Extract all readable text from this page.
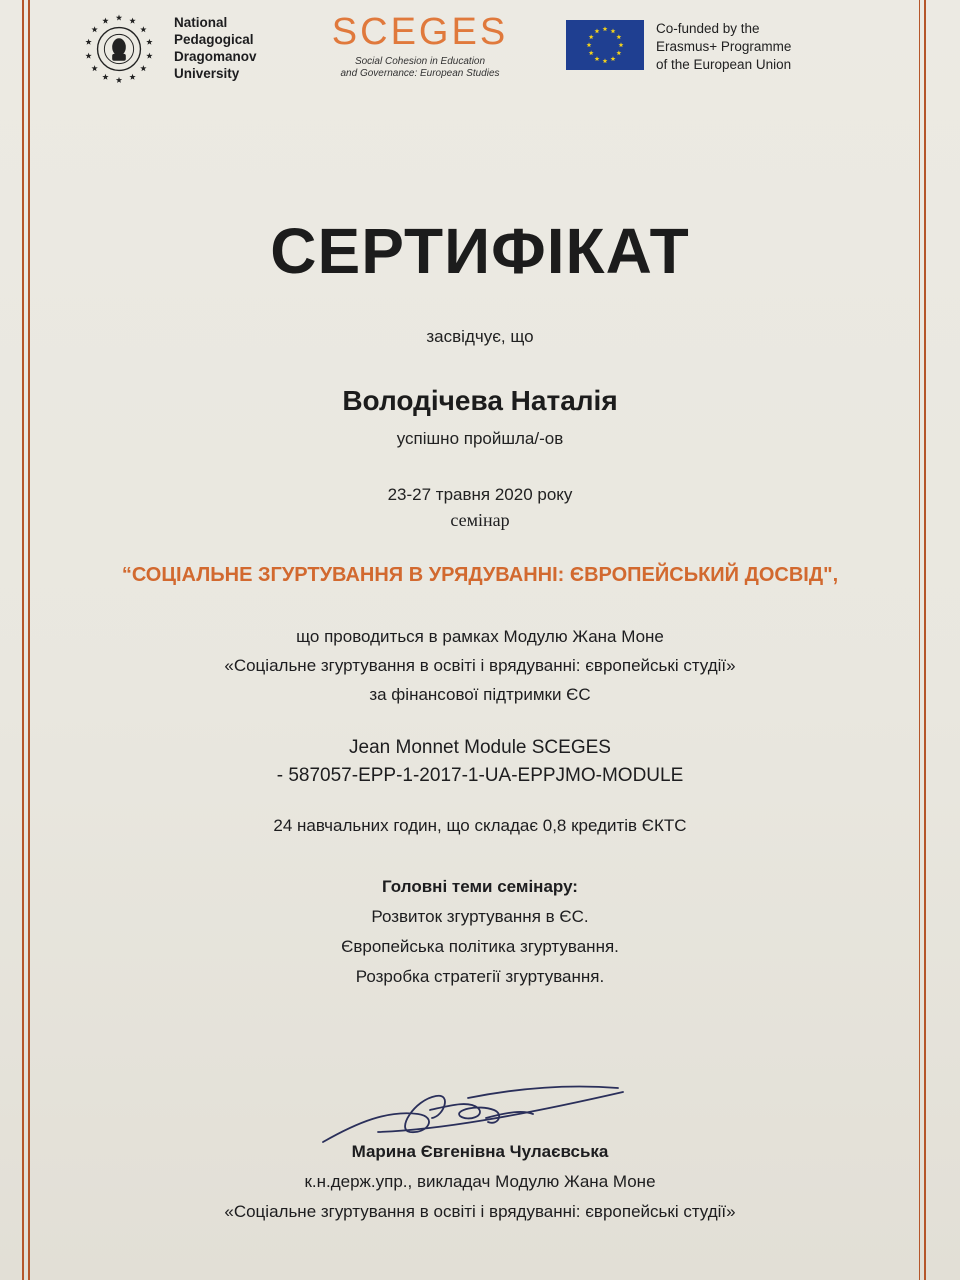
National
Pedagogical
Dragomanov
University
SCEGES
Social Cohesion in Education
and Governance: European Studies
Co-funded by the
Erasmus+ Programme
of the European Union
СЕРТИФІКАТ
засвідчує, що
Володічева Наталія
успішно пройшла/-ов
23-27 травня 2020 року
семінар
“СОЦІАЛЬНЕ ЗГУРТУВАННЯ В УРЯДУВАННІ: ЄВРОПЕЙСЬКИЙ ДОСВІД",
що проводиться в рамках Модулю Жана Моне
«Соціальне згуртування в освіті і врядуванні: європейські студії»
за фінансової підтримки ЄС
Jean Monnet Module SCEGES
- 587057-EPP-1-2017-1-UA-EPPJMO-MODULE
24 навчальних годин, що складає 0,8 кредитів ЄКТС
Головні теми семінару:
Розвиток згуртування в ЄС.
Європейська політика згуртування.
Розробка стратегії згуртування.
Марина Євгенівна Чулаєвська
к.н.держ.упр., викладач Модулю Жана Моне
«Соціальне згуртування в освіті і врядуванні: європейські студії»
